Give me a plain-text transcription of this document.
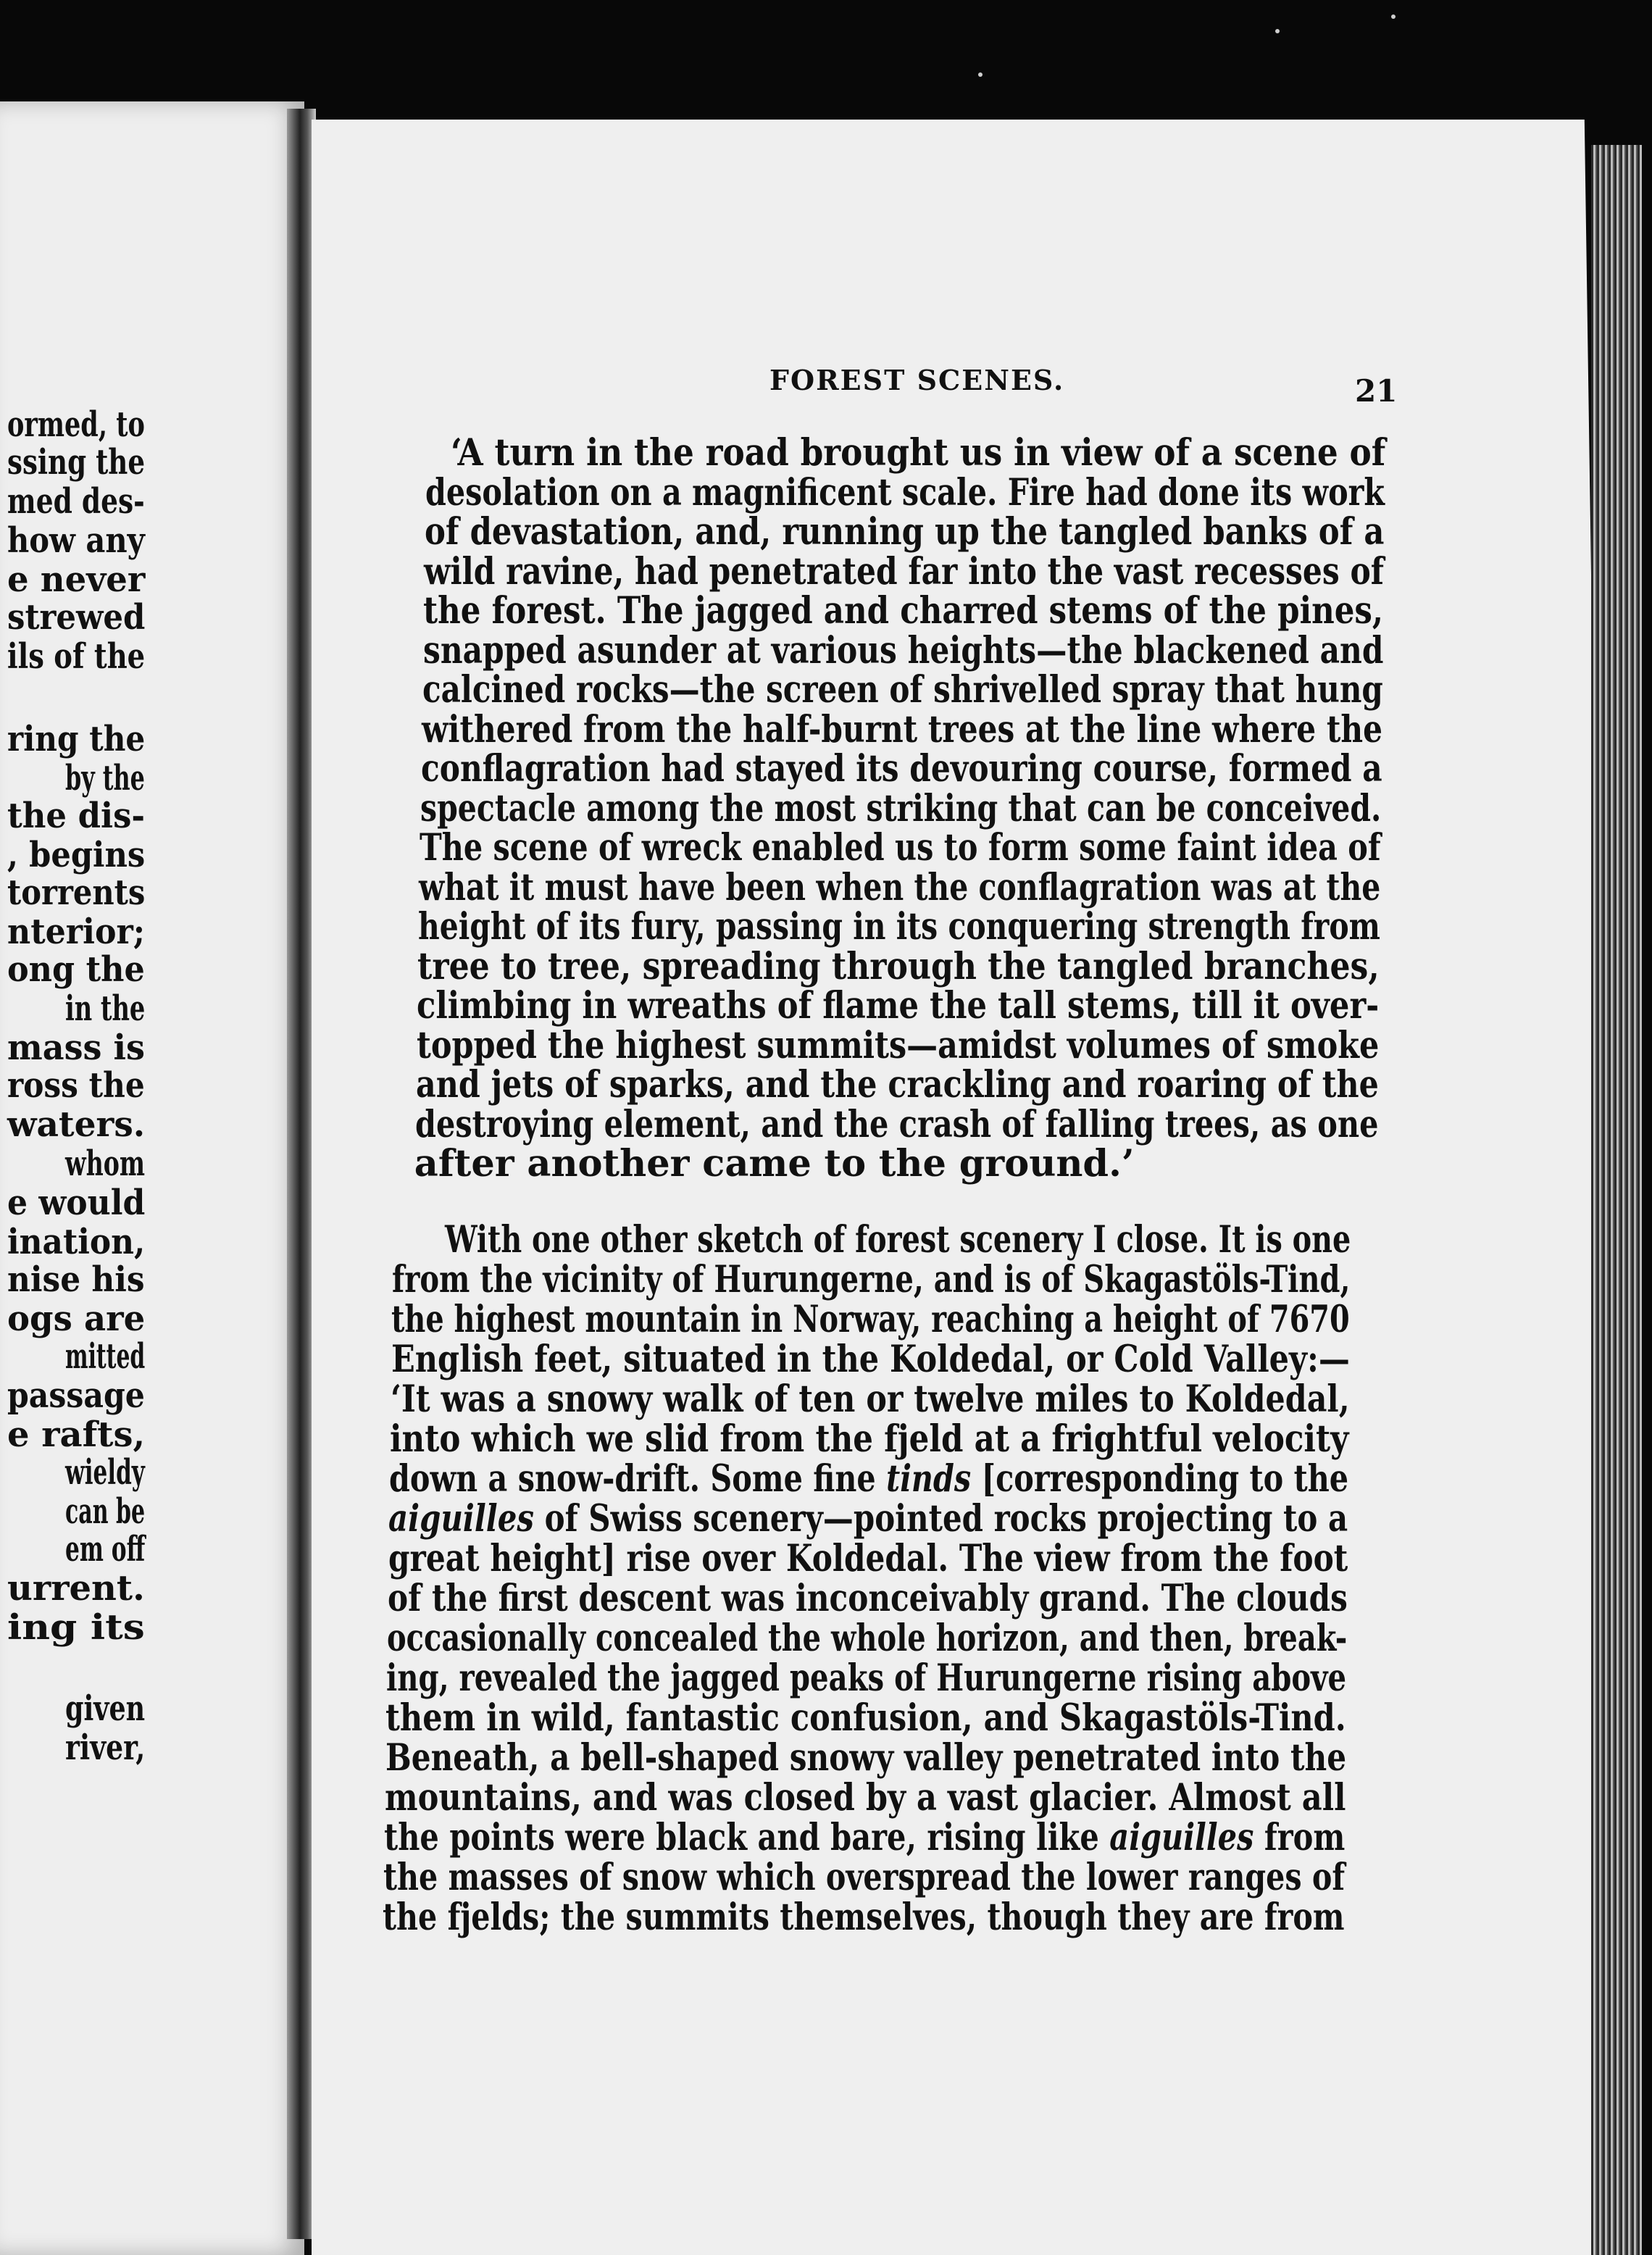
FOREST SCENES.	21
ormed, to
ssing the
med des-
how any
e never
strewed
ils of the
ring the
by the
the dis-
, begins
torrents
nterior;
ong the
in the
mass is
ross the
waters.
whom
e would
ination,
nise his
ogs are
mitted
passage
e rafts,
wieldy
can be
em off
urrent.
ing its
given
river,
‘A turn in the road brought us in view of a scene of
desolation on a magnificent scale. Fire had done its work
of devastation, and, running up the tangled banks of a
wild ravine, had penetrated far into the vast recesses of
the forest. The jagged and charred stems of the pines,
snapped asunder at various heights—the blackened and
calcined rocks—the screen of shrivelled spray that hung
withered from the half-burnt trees at the line where the
conflagration had stayed its devouring course, formed a
spectacle among the most striking that can be conceived.
The scene of wreck enabled us to form some faint idea of
what it must have been when the conflagration was at the
height of its fury, passing in its conquering strength from
tree to tree, spreading through the tangled branches,
climbing in wreaths of flame the tall stems, till it over-
topped the highest summits—amidst volumes of smoke
and jets of sparks, and the crackling and roaring of the
destroying element, and the crash of falling trees, as one
after another came to the ground.’
With one other sketch of forest scenery I close. It is one
from the vicinity of Hurungerne, and is of Skagastöls-Tind,
the highest mountain in Norway, reaching a height of 7670
English feet, situated in the Koldedal, or Cold Valley:—
‘It was a snowy walk of ten or twelve miles to Koldedal,
into which we slid from the fjeld at a frightful velocity
down a snow-drift. Some fine tinds [corresponding to the
aiguilles of Swiss scenery—pointed rocks projecting to a
great height] rise over Koldedal. The view from the foot
of the first descent was inconceivably grand. The clouds
occasionally concealed the whole horizon, and then, break-
ing, revealed the jagged peaks of Hurungerne rising above
them in wild, fantastic confusion, and Skagastöls-Tind.
Beneath, a bell-shaped snowy valley penetrated into the
mountains, and was closed by a vast glacier. Almost all
the points were black and bare, rising like aiguilles from
the masses of snow which overspread the lower ranges of
the fjelds; the summits themselves, though they are from
